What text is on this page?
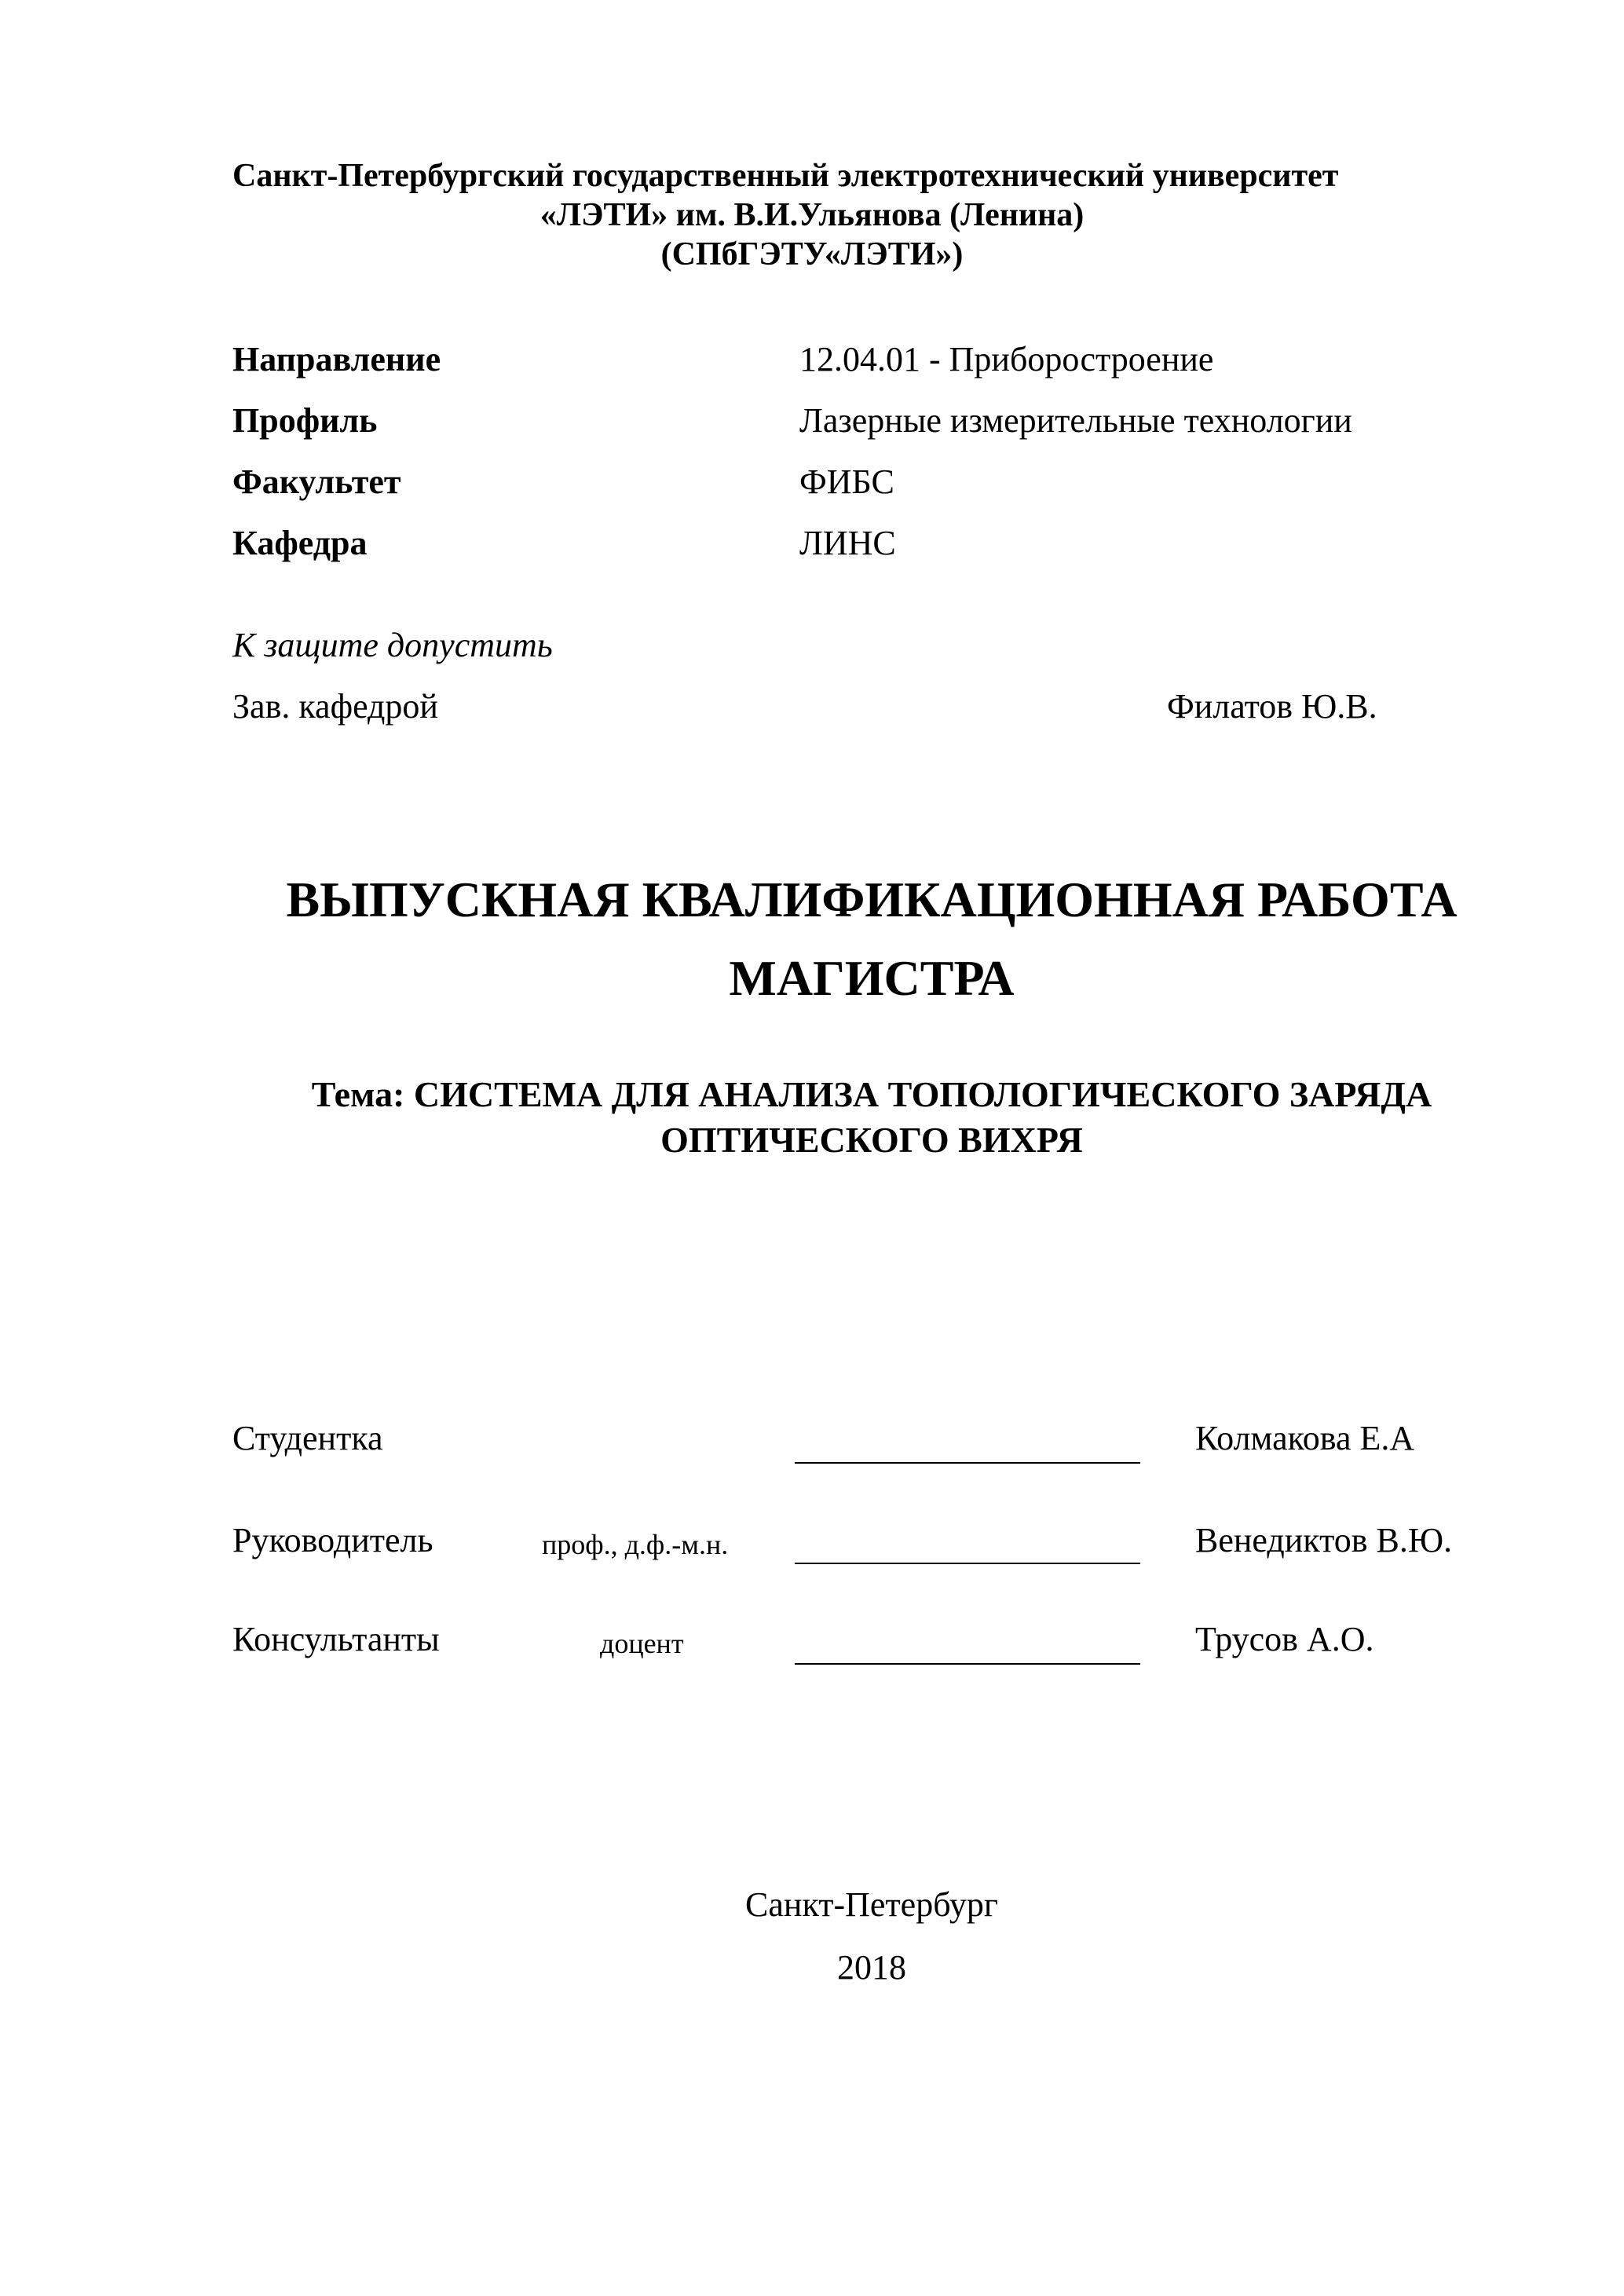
Санкт-Петербургский государственный электротехнический университет
«ЛЭТИ» им. В.И.Ульянова (Ленина)
(СПбГЭТУ«ЛЭТИ»)
Направление	12.04.01 - Приборостроение
Профиль	Лазерные измерительные технологии
Факультет	ФИБС
Кафедра	ЛИНС
К защите допустить
Зав. кафедрой	Филатов Ю.В.
ВЫПУСКНАЯ КВАЛИФИКАЦИОННАЯ РАБОТА
МАГИСТРА
Тема: СИСТЕМА ДЛЯ АНАЛИЗА ТОПОЛОГИЧЕСКОГО ЗАРЯДА
ОПТИЧЕСКОГО ВИХРЯ
Студентка	Колмакова Е.А
Руководитель	проф., д.ф.-м.н.	Венедиктов В.Ю.
Консультанты	доцент	Трусов А.О.
Санкт-Петербург
2018
